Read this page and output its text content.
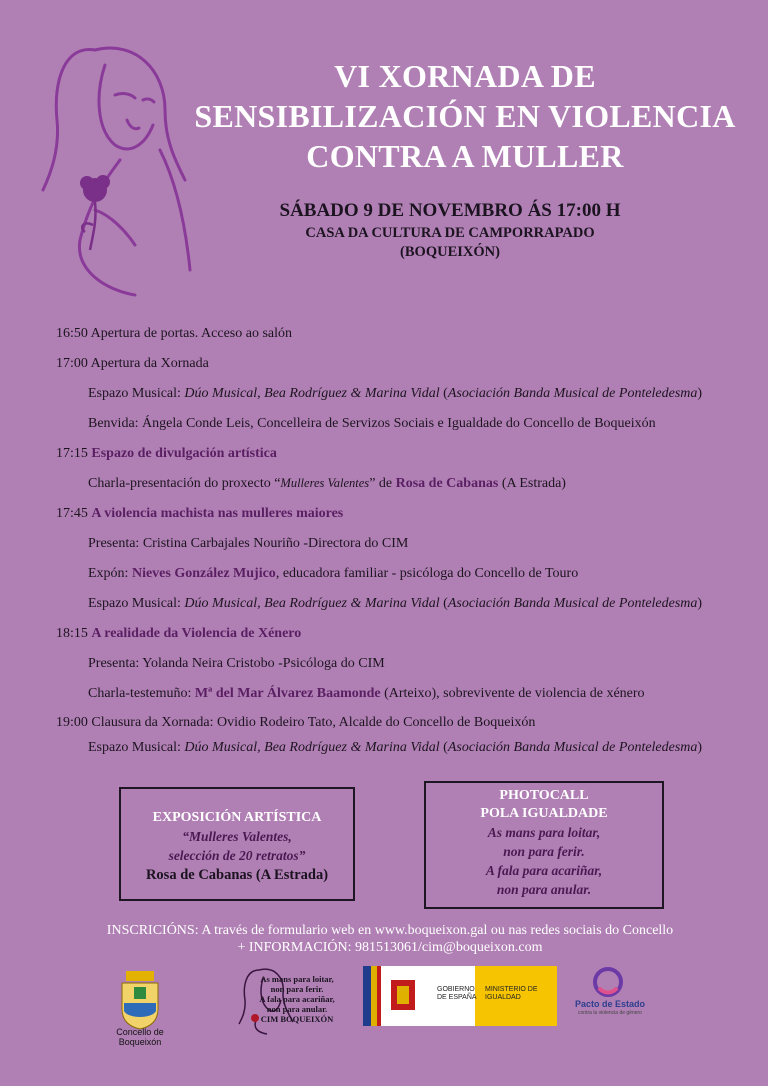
VI XORNADA DE
SENSIBILIZACIÓN EN VIOLENCIA
CONTRA A MULLER
SÁBADO 9 DE NOVEMBRO ÁS 17:00 H
CASA DA CULTURA DE CAMPORRAPADO
(BOQUEIXÓN)
16:50 Apertura de portas. Acceso ao salón
17:00 Apertura da Xornada
Espazo Musical: Dúo Musical, Bea Rodríguez & Marina Vidal (Asociación Banda Musical de Ponteledesma)
Benvida: Ángela Conde Leis, Concelleira de Servizos Sociais e Igualdade do Concello de Boqueixón
17:15 Espazo de divulgación artística
Charla-presentación do proxecto “Mulleres Valentes” de Rosa de Cabanas (A Estrada)
17:45 A violencia machista nas mulleres maiores
Presenta: Cristina Carbajales Nouriño -Directora do CIM
Expón: Nieves González Mujico, educadora familiar - psicóloga do Concello de Touro
Espazo Musical: Dúo Musical, Bea Rodríguez & Marina Vidal (Asociación Banda Musical de Ponteledesma)
18:15 A realidade da Violencia de Xénero
Presenta: Yolanda Neira Cristobo -Psicóloga do CIM
Charla-testemuño: Mª del Mar Álvarez Baamonde (Arteixo), sobrevivente de violencia de xénero
19:00 Clausura da Xornada: Ovidio Rodeiro Tato, Alcalde do Concello de Boqueixón
Espazo Musical: Dúo Musical, Bea Rodríguez & Marina Vidal (Asociación Banda Musical de Ponteledesma)
EXPOSICIÓN ARTÍSTICA
“Mulleres Valentes,
selección de 20 retratos”
Rosa de Cabanas (A Estrada)
PHOTOCALL
POLA IGUALDADE
As mans para loitar,
non para ferir.
A fala para acariñar,
non para anular.
INSCRICIÓNS: A través de formulario web en www.boqueixon.gal ou nas redes sociais do Concello
+ INFORMACIÓN: 981513061/cim@boqueixon.com
Concello de Boqueixón
As mans para loitar,
non para ferir.
A fala para acariñar,
non para anular.
CIM BOQUEIXÓN
GOBIERNO DE ESPAÑA
MINISTERIO DE IGUALDAD
Pacto de Estado
contra la violencia de género
